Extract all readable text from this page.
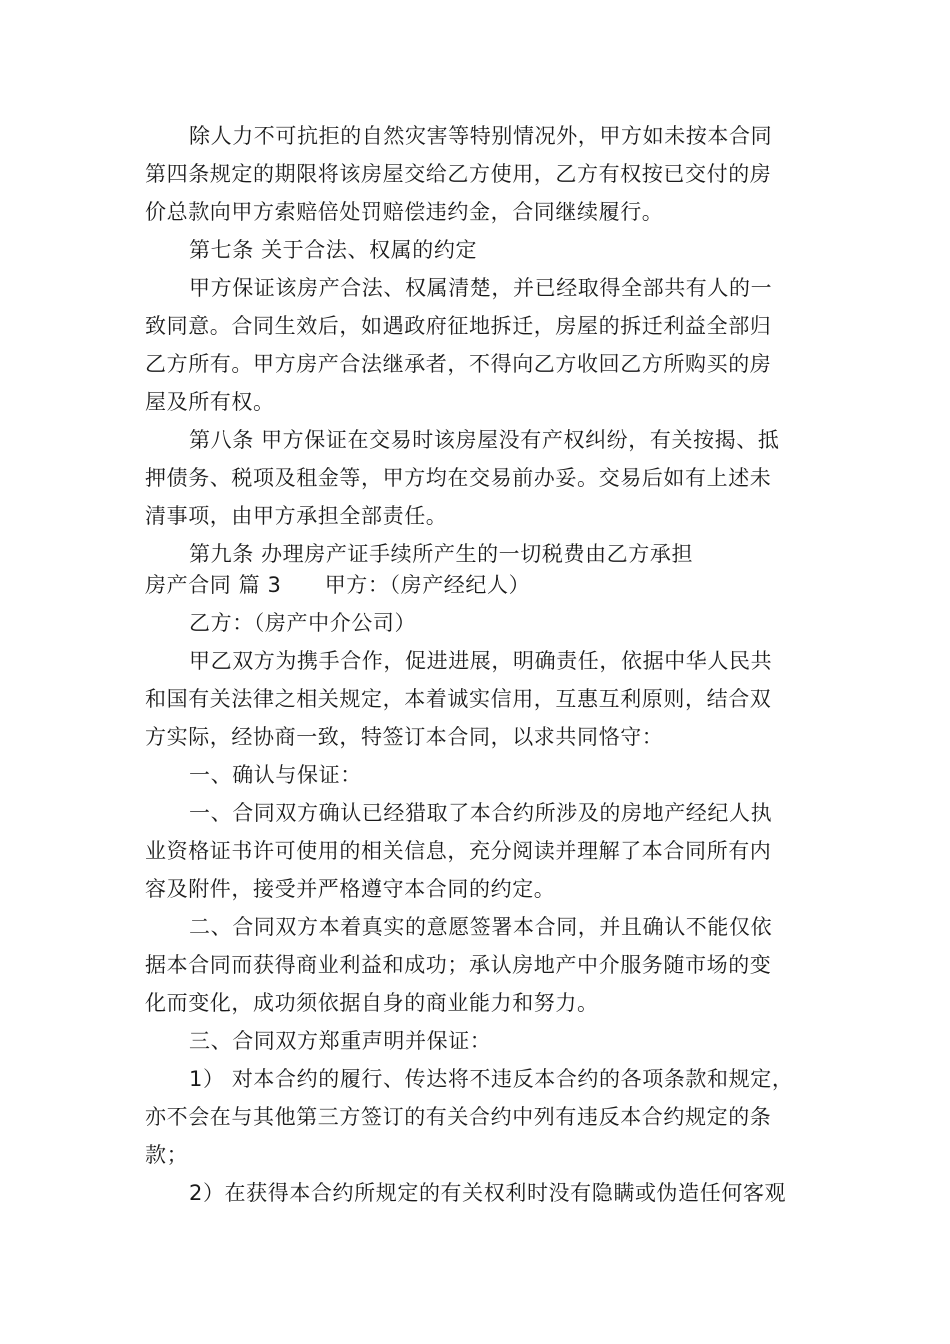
除人力不可抗拒的自然灾害等特别情况外，甲方如未按本合同
第四条规定的期限将该房屋交给乙方使用，乙方有权按已交付的房
价总款向甲方索赔倍处罚赔偿违约金，合同继续履行。
第七条 关于合法、权属的约定
甲方保证该房产合法、权属清楚，并已经取得全部共有人的一
致同意。合同生效后，如遇政府征地拆迁，房屋的拆迁利益全部归
乙方所有。甲方房产合法继承者，不得向乙方收回乙方所购买的房
屋及所有权。
第八条 甲方保证在交易时该房屋没有产权纠纷，有关按揭、抵
押债务、税项及租金等，甲方均在交易前办妥。交易后如有上述未
清事项，由甲方承担全部责任。
第九条 办理房产证手续所产生的一切税费由乙方承担
房产合同 篇 3　　甲方：（房产经纪人）
乙方：（房产中介公司）
甲乙双方为携手合作，促进进展，明确责任，依据中华人民共
和国有关法律之相关规定，本着诚实信用，互惠互利原则，结合双
方实际，经协商一致，特签订本合同，以求共同恪守：
一、确认与保证：
一、合同双方确认已经猎取了本合约所涉及的房地产经纪人执
业资格证书许可使用的相关信息，充分阅读并理解了本合同所有内
容及附件，接受并严格遵守本合同的约定。
二、合同双方本着真实的意愿签署本合同，并且确认不能仅依
据本合同而获得商业利益和成功；承认房地产中介服务随市场的变
化而变化，成功须依据自身的商业能力和努力。
三、合同双方郑重声明并保证：
1） 对本合约的履行、传达将不违反本合约的各项条款和规定，
亦不会在与其他第三方签订的有关合约中列有违反本合约规定的条
款；
2）在获得本合约所规定的有关权利时没有隐瞒或伪造任何客观
